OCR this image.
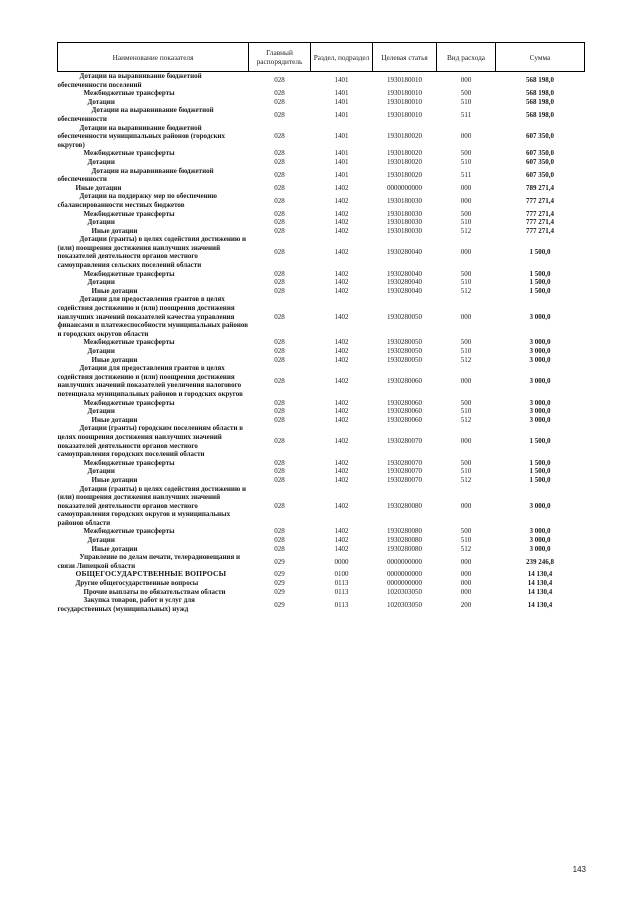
Наименование показателя	Главный распорядитель	Раздел, подраздел	Целевая статья	Вид расхода	Сумма
Дотации на выравнивание бюджетной обеспеченности поселений	028	1401	1930180010	000	568 198,0
Межбюджетные трансферты	028	1401	1930180010	500	568 198,0
Дотации	028	1401	1930180010	510	568 198,0
Дотации на выравнивание бюджетной обеспеченности	028	1401	1930180010	511	568 198,0
Дотации на выравнивание бюджетной обеспеченности муниципальных районов (городских округов)	028	1401	1930180020	000	607 350,0
Межбюджетные трансферты	028	1401	1930180020	500	607 350,0
Дотации	028	1401	1930180020	510	607 350,0
Дотации на выравнивание бюджетной обеспеченности	028	1401	1930180020	511	607 350,0
Иные дотации	028	1402	0000000000	000	789 271,4
Дотации на поддержку мер по обеспечению сбалансированности местных бюджетов	028	1402	1930180030	000	777 271,4
Межбюджетные трансферты	028	1402	1930180030	500	777 271,4
Дотации	028	1402	1930180030	510	777 271,4
Иные дотации	028	1402	1930180030	512	777 271,4
Дотации (гранты) в целях содействия достижению и (или) поощрения достижения наилучших значений показателей деятельности органов местного самоуправления сельских поселений области	028	1402	1930280040	000	1 500,0
Межбюджетные трансферты	028	1402	1930280040	500	1 500,0
Дотации	028	1402	1930280040	510	1 500,0
Иные дотации	028	1402	1930280040	512	1 500,0
Дотации для предоставления грантов в целях содействия достижению и (или) поощрения достижения наилучших значений показателей качества управления финансами и платежеспособности муниципальных районов и городских округов области	028	1402	1930280050	000	3 000,0
Межбюджетные трансферты	028	1402	1930280050	500	3 000,0
Дотации	028	1402	1930280050	510	3 000,0
Иные дотации	028	1402	1930280050	512	3 000,0
Дотации для предоставления грантов в целях содействия достижению и (или) поощрения достижения наилучших значений показателей увеличения налогового потенциала муниципальных районов и городских округов	028	1402	1930280060	000	3 000,0
Межбюджетные трансферты	028	1402	1930280060	500	3 000,0
Дотации	028	1402	1930280060	510	3 000,0
Иные дотации	028	1402	1930280060	512	3 000,0
Дотации (гранты) городским поселениям области в целях поощрения достижения наилучших значений показателей деятельности органов местного самоуправления городских поселений области	028	1402	1930280070	000	1 500,0
Межбюджетные трансферты	028	1402	1930280070	500	1 500,0
Дотации	028	1402	1930280070	510	1 500,0
Иные дотации	028	1402	1930280070	512	1 500,0
Дотации (гранты) в целях содействия достижению и (или) поощрения достижения наилучших значений показателей деятельности органов местного самоуправления городских округов и муниципальных районов области	028	1402	1930280080	000	3 000,0
Межбюджетные трансферты	028	1402	1930280080	500	3 000,0
Дотации	028	1402	1930280080	510	3 000,0
Иные дотации	028	1402	1930280080	512	3 000,0
Управление по делам печати, телерадиовещания и связи Липецкой области	029	0000	0000000000	000	239 246,8
ОБЩЕГОСУДАРСТВЕННЫЕ ВОПРОСЫ	029	0100	0000000000	000	14 130,4
Другие общегосударственные вопросы	029	0113	0000000000	000	14 130,4
Прочие выплаты по обязательствам области	029	0113	1020303050	000	14 130,4
Закупка товаров, работ и услуг для государственных (муниципальных) нужд	029	0113	1020303050	200	14 130,4
143
